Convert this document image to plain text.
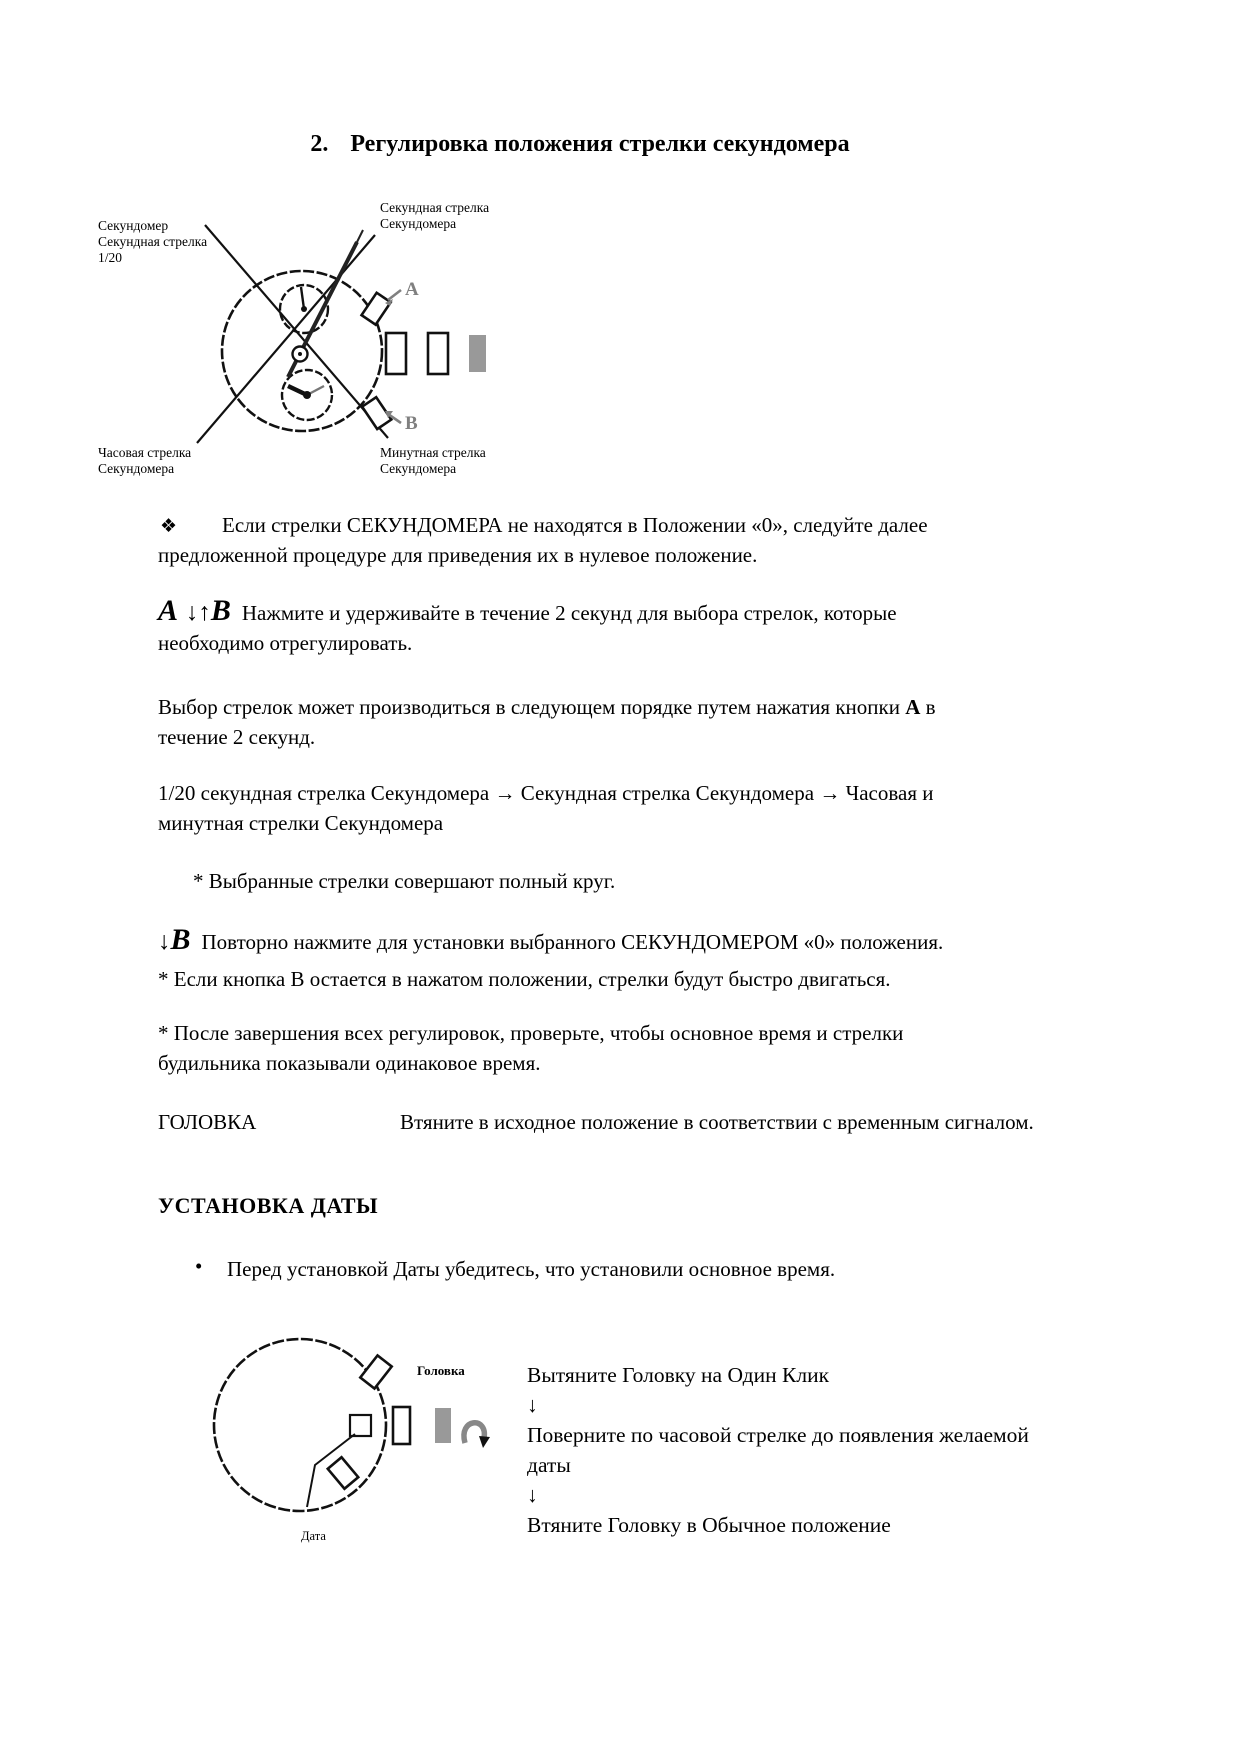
2. Регулировка положения стрелки секундомера
A
B
Секундомер
Секундная стрелка
1/20
Секундная стрелка
Секундомера
Часовая стрелка
Секундомера
Минутная стрелка
Секундомера
Если стрелки СЕКУНДОМЕРА не находятся в Положении «0», следуйте далее предложенной процедуре для приведения их в нулевое положение.
❖
A ↓↑B Нажмите и удерживайте в течение 2 секунд для выбора стрелок, которые необходимо отрегулировать.
Выбор стрелок может производиться в следующем порядке путем нажатия кнопки А в течение 2 секунд.
1/20 секундная стрелка Секундомера → Секундная стрелка Секундомера → Часовая и минутная стрелки Секундомера
* Выбранные стрелки совершают полный круг.
↓B Повторно нажмите для установки выбранного СЕКУНДОМЕРОМ «0» положения.
* Если кнопка В остается в нажатом положении, стрелки будут быстро двигаться.
* После завершения всех регулировок, проверьте, чтобы основное время и стрелки будильника показывали одинаковое время.
ГОЛОВКА	Втяните в исходное положение в соответствии с временным сигналом.
УСТАНОВКА ДАТЫ
• Перед установкой Даты убедитесь, что установили основное время.
Головка
Дата
Вытяните Головку на Один Клик
↓
Поверните по часовой стрелке до появления желаемой даты
↓
Втяните Головку в Обычное положение
